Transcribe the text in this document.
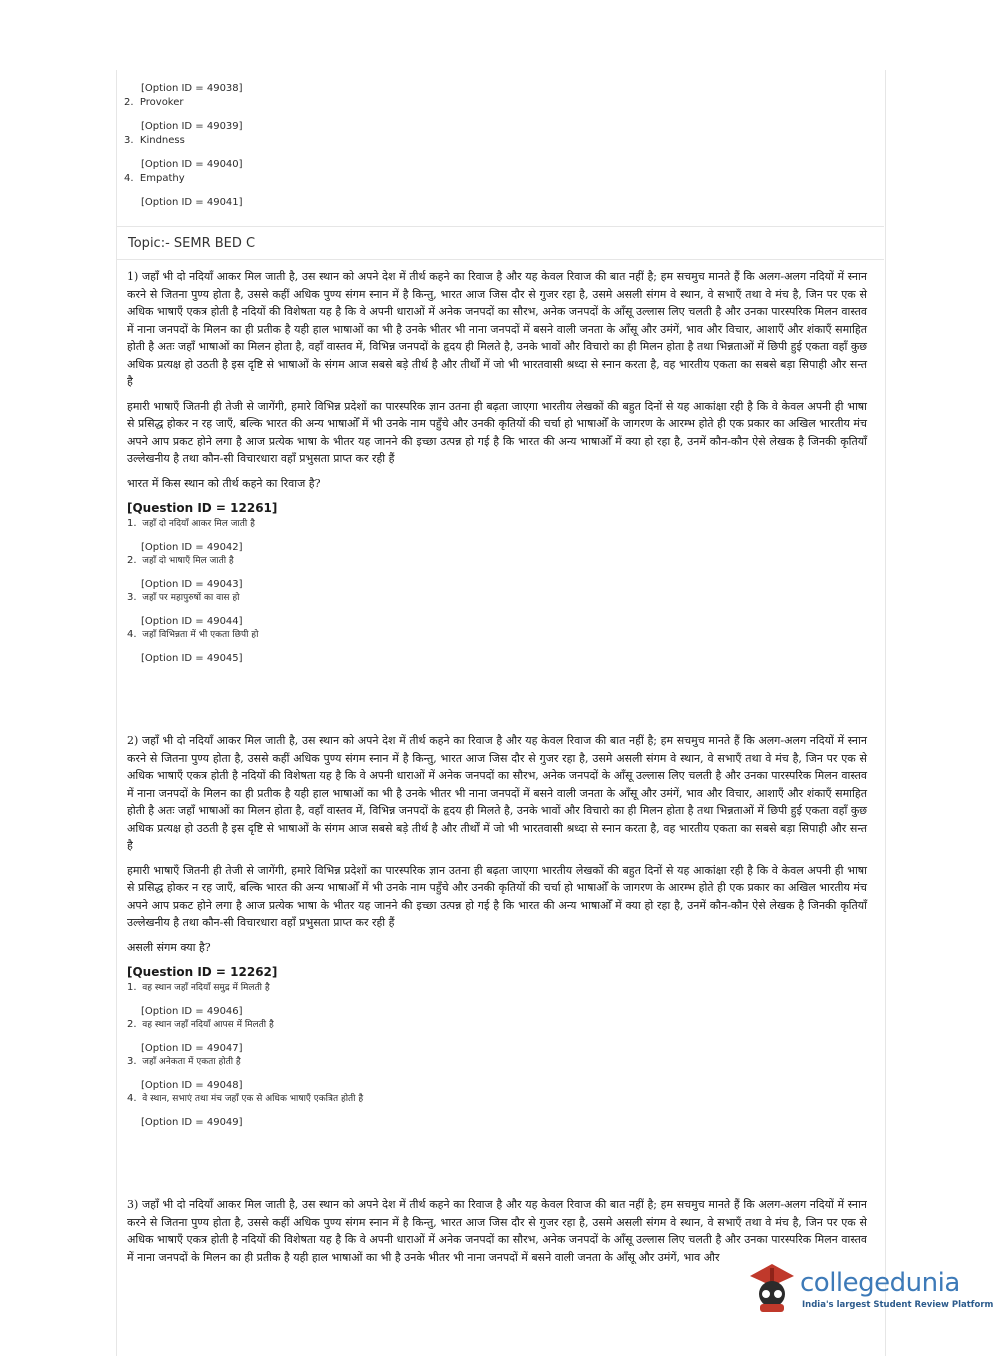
[Option ID = 49038]
2. Provoker
[Option ID = 49039]
3. Kindness
[Option ID = 49040]
4. Empathy
[Option ID = 49041]
Topic:- SEMR BED C

1) जहाँ भी दो नदियाँ आकर मिल जाती है, उस स्थान को अपने देश में तीर्थ कहने का रिवाज है और यह केवल रिवाज की बात नहीं है; हम सचमुच मानते हैं कि अलग-अलग नदियों में स्नान करने से जितना पुण्य होता है, उससे कहीं अधिक पुण्य संगम स्नान में है किन्तु, भारत आज जिस दौर से गुजर रहा है, उसमे असली संगम वे स्थान, वे सभाएँ तथा वे मंच है, जिन पर एक से अधिक भाषाएँ एकत्र होती है नदियों की विशेषता यह है कि वे अपनी धाराओं में अनेक जनपदों का सौरभ, अनेक जनपदों के आँसू उल्लास लिए चलती है और उनका पारस्परिक मिलन वास्तव में नाना जनपदों के मिलन का ही प्रतीक है यही हाल भाषाओं का भी है उनके भीतर भी नाना जनपदों में बसने वाली जनता के आँसू और उमंगें, भाव और विचार, आशाएँ और शंकाएँ समाहित होती है अतः जहाँ भाषाओं का मिलन होता है, वहाँ वास्तव में, विभिन्न जनपदों के हृदय ही मिलते है, उनके भावों और विचारो का ही मिलन होता है तथा भिन्नताओं में छिपी हुई एकता वहाँ कुछ अधिक प्रत्यक्ष हो उठती है इस दृष्टि से भाषाओं के संगम आज सबसे बड़े तीर्थ है और तीर्थों में जो भी भारतवासी श्रध्दा से स्नान करता है, वह भारतीय एकता का सबसे बड़ा सिपाही और सन्त है

हमारी भाषाएँ जितनी ही तेजी से जागेंगी, हमारे विभिन्न प्रदेशों का पारस्परिक ज्ञान उतना ही बढ़ता जाएगा भारतीय लेखकों की बहुत दिनों से यह आकांक्षा रही है कि वे केवल अपनी ही भाषा से प्रसिद्ध होकर न रह जाएँ, बल्कि भारत की अन्य भाषाओँ में भी उनके नाम पहुँचे और उनकी कृतियों की चर्चा हो भाषाओँ के जागरण के आरम्भ होते ही एक प्रकार का अखिल भारतीय मंच अपने आप प्रकट होने लगा है आज प्रत्येक भाषा के भीतर यह जानने की इच्छा उत्पन्न हो गई है कि भारत की अन्य भाषाओँ में क्या हो रहा है, उनमें कौन-कौन ऐसे लेखक है जिनकी कृतियाँ उल्लेखनीय है तथा कौन-सी विचारधारा वहाँ प्रभुसता प्राप्त कर रही हैं

भारत में किस स्थान को तीर्थ कहने का रिवाज है?
[Question ID = 12261]
1. जहाँ दो नदियाँ आकर मिल जाती है
[Option ID = 49042]
2. जहाँ दो भाषाएँ मिल जाती है
[Option ID = 49043]
3. जहाँ पर महापुरुषों का वास हो
[Option ID = 49044]
4. जहाँ विभिन्नता में भी एकता छिपी हो
[Option ID = 49045]

2) जहाँ भी दो नदियाँ आकर मिल जाती है, उस स्थान को अपने देश में तीर्थ कहने का रिवाज है और यह केवल रिवाज की बात नहीं है; हम सचमुच मानते हैं कि अलग-अलग नदियों में स्नान करने से जितना पुण्य होता है, उससे कहीं अधिक पुण्य संगम स्नान में है किन्तु, भारत आज जिस दौर से गुजर रहा है, उसमे असली संगम वे स्थान, वे सभाएँ तथा वे मंच है, जिन पर एक से अधिक भाषाएँ एकत्र होती है नदियों की विशेषता यह है कि वे अपनी धाराओं में अनेक जनपदों का सौरभ, अनेक जनपदों के आँसू उल्लास लिए चलती है और उनका पारस्परिक मिलन वास्तव में नाना जनपदों के मिलन का ही प्रतीक है यही हाल भाषाओं का भी है उनके भीतर भी नाना जनपदों में बसने वाली जनता के आँसू और उमंगें, भाव और विचार, आशाएँ और शंकाएँ समाहित होती है अतः जहाँ भाषाओं का मिलन होता है, वहाँ वास्तव में, विभिन्न जनपदों के हृदय ही मिलते है, उनके भावों और विचारो का ही मिलन होता है तथा भिन्नताओं में छिपी हुई एकता वहाँ कुछ अधिक प्रत्यक्ष हो उठती है इस दृष्टि से भाषाओं के संगम आज सबसे बड़े तीर्थ है और तीर्थों में जो भी भारतवासी श्रध्दा से स्नान करता है, वह भारतीय एकता का सबसे बड़ा सिपाही और सन्त है

हमारी भाषाएँ जितनी ही तेजी से जागेंगी, हमारे विभिन्न प्रदेशों का पारस्परिक ज्ञान उतना ही बढ़ता जाएगा भारतीय लेखकों की बहुत दिनों से यह आकांक्षा रही है कि वे केवल अपनी ही भाषा से प्रसिद्ध होकर न रह जाएँ, बल्कि भारत की अन्य भाषाओँ में भी उनके नाम पहुँचे और उनकी कृतियों की चर्चा हो भाषाओँ के जागरण के आरम्भ होते ही एक प्रकार का अखिल भारतीय मंच अपने आप प्रकट होने लगा है आज प्रत्येक भाषा के भीतर यह जानने की इच्छा उत्पन्न हो गई है कि भारत की अन्य भाषाओँ में क्या हो रहा है, उनमें कौन-कौन ऐसे लेखक है जिनकी कृतियाँ उल्लेखनीय है तथा कौन-सी विचारधारा वहाँ प्रभुसता प्राप्त कर रही हैं

असली संगम क्या है?
[Question ID = 12262]
1. वह स्थान जहाँ नदियाँ समुद्र में मिलती है
[Option ID = 49046]
2. वह स्थान जहाँ नदियाँ आपस में मिलती है
[Option ID = 49047]
3. जहाँ अनेकता में एकता होती है
[Option ID = 49048]
4. वे स्थान, सभाएं तथा मंच जहाँ एक से अधिक भाषाएँ एकत्रित होती है
[Option ID = 49049]

3) जहाँ भी दो नदियाँ आकर मिल जाती है, उस स्थान को अपने देश में तीर्थ कहने का रिवाज है और यह केवल रिवाज की बात नहीं है; हम सचमुच मानते हैं कि अलग-अलग नदियों में स्नान करने से जितना पुण्य होता है, उससे कहीं अधिक पुण्य संगम स्नान में है किन्तु, भारत आज जिस दौर से गुजर रहा है, उसमे असली संगम वे स्थान, वे सभाएँ तथा वे मंच है, जिन पर एक से अधिक भाषाएँ एकत्र होती है नदियों की विशेषता यह है कि वे अपनी धाराओं में अनेक जनपदों का सौरभ, अनेक जनपदों के आँसू उल्लास लिए चलती है और उनका पारस्परिक मिलन वास्तव में नाना जनपदों के मिलन का ही प्रतीक है यही हाल भाषाओं का भी है उनके भीतर भी नाना जनपदों में बसने वाली जनता के आँसू और उमंगें, भाव और

collegedunia
India's largest Student Review Platform
